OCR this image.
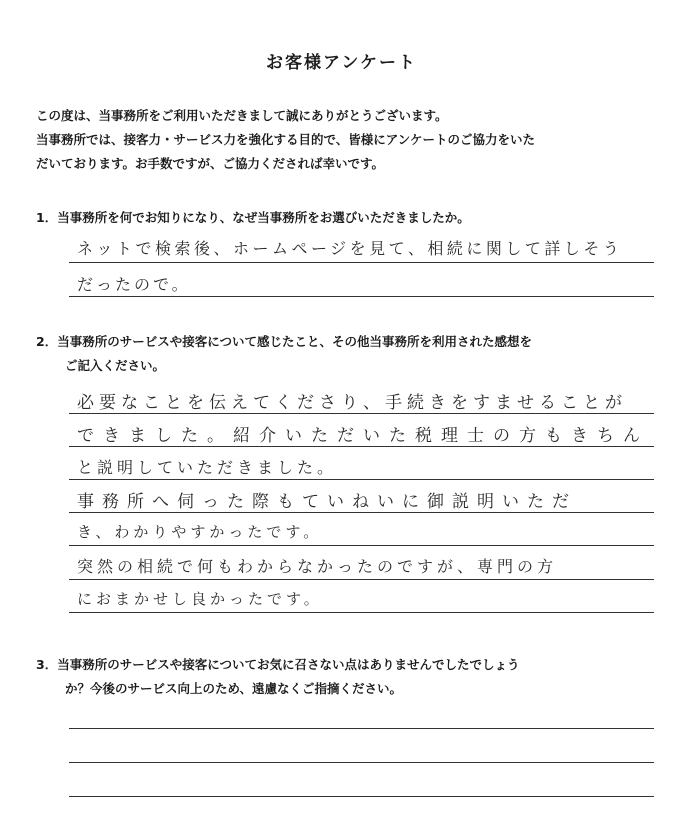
お客様アンケート

この度は、当事務所をご利用いただきまして誠にありがとうございます。

当事務所では、接客力・サービス力を強化する目的で、皆様にアンケートのご協力をいた

だいております。お手数ですが、ご協力くだされば幸いです。

1．当事務所を何でお知りになり、なぜ当事務所をお選びいただきましたか。

ネットで検索後、ホームページを見て、相続に関して詳しそう
だったので。

2．当事務所のサービスや接客について感じたこと、その他当事務所を利用された感想を

ご記入ください。

必要なことを伝えてくださり、手続きをすませることが
できました。紹介いただいた税理士の方もきちん
と説明していただきました。
事務所へ伺った際もていねいに御説明いただ
き、わかりやすかったです。
突然の相続で何もわからなかったのですが、専門の方
におまかせし良かったです。

3．当事務所のサービスや接客についてお気に召さない点はありませんでしたでしょう

か？今後のサービス向上のため、遠慮なくご指摘ください。
